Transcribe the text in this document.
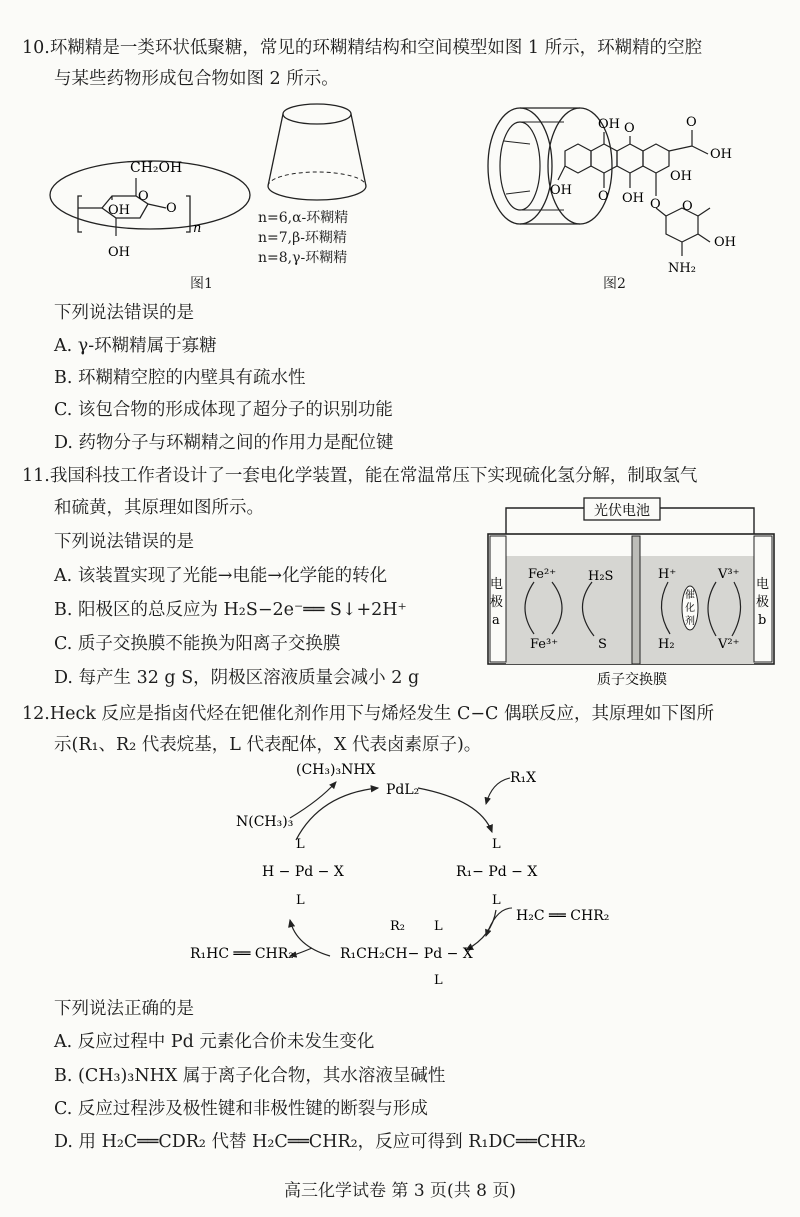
10.环糊精是一类环状低聚糖，常见的环糊精结构和空间模型如图 1 所示，环糊精的空腔
与某些药物形成包合物如图 2 所示。
CH₂OH
O
OH
OH
O
n
图1
n=6,α-环糊精
n=7,β-环糊精
n=8,γ-环糊精
OH O	O
OH
OH
OH
O
O O
OH
OH
NH₂
图2
下列说法错误的是
A. γ-环糊精属于寡糖
B. 环糊精空腔的内壁具有疏水性
C. 该包合物的形成体现了超分子的识别功能
D. 药物分子与环糊精之间的作用力是配位键
11.我国科技工作者设计了一套电化学装置，能在常温常压下实现硫化氢分解，制取氢气
和硫黄，其原理如图所示。
下列说法错误的是
A. 该装置实现了光能→电能→化学能的转化
B. 阳极区的总反应为 H₂S−2e⁻══ S↓+2H⁺
C. 质子交换膜不能换为阳离子交换膜
D. 每产生 32 g S，阴极区溶液质量会减小 2 g
光伏电池
电
极
a
电
极
b
Fe²⁺
Fe³⁺
H₂S
S
催
化
剂
H⁺
H₂
V³⁺
V²⁺
质子交换膜
12.Heck 反应是指卤代烃在钯催化剂作用下与烯烃发生 C−C 偶联反应，其原理如下图所
示(R₁、R₂ 代表烷基，L 代表配体，X 代表卤素原子)。
(CH₃)₃NHX
PdL₂
R₁X
N(CH₃)₃
L
H − Pd − X
L
L
R₁− Pd − X
L
H₂C ══ CHR₂
R₂ L
R₁CH₂CH− Pd − X
L
R₁HC ══ CHR₂
下列说法正确的是
A. 反应过程中 Pd 元素化合价未发生变化
B. (CH₃)₃NHX 属于离子化合物，其水溶液呈碱性
C. 反应过程涉及极性键和非极性键的断裂与形成
D. 用 H₂C══CDR₂ 代替 H₂C══CHR₂，反应可得到 R₁DC══CHR₂
高三化学试卷 第 3 页(共 8 页)
